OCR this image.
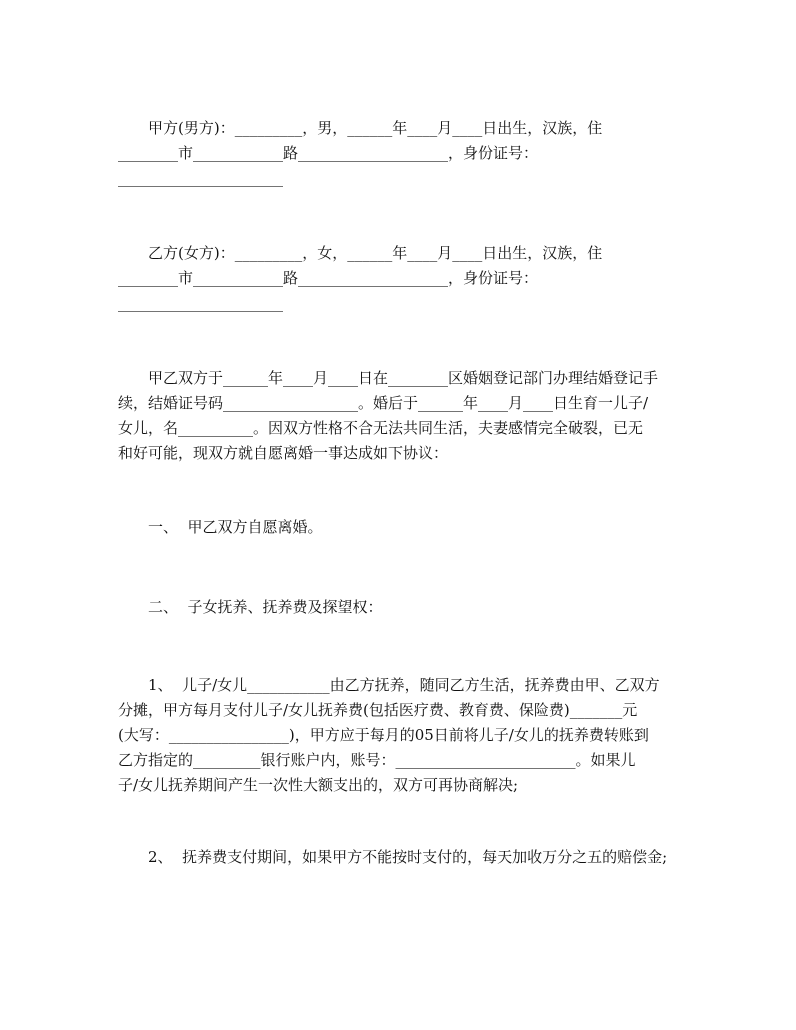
甲方(男方)：_________，男，______年____月____日出生，汉族，住
________市____________路____________________，身份证号：
______________________
乙方(女方)：_________，女，______年____月____日出生，汉族，住
________市____________路____________________，身份证号：
______________________
甲乙双方于______年____月____日在________区婚姻登记部门办理结婚登记手
续，结婚证号码__________________。婚后于______年____月____日生育一儿子/
女儿，名__________。因双方性格不合无法共同生活，夫妻感情完全破裂，已无
和好可能，现双方就自愿离婚一事达成如下协议：
一、  甲乙双方自愿离婚。
二、  子女抚养、抚养费及探望权：
1、  儿子/女儿___________由乙方抚养，随同乙方生活，抚养费由甲、乙双方
分摊，甲方每月支付儿子/女儿抚养费(包括医疗费、教育费、保险费)_______元
(大写：________________)，甲方应于每月的05日前将儿子/女儿的抚养费转账到
乙方指定的_________银行账户内，账号：________________________。如果儿
子/女儿抚养期间产生一次性大额支出的，双方可再协商解决;
2、  抚养费支付期间，如果甲方不能按时支付的，每天加收万分之五的赔偿金;
